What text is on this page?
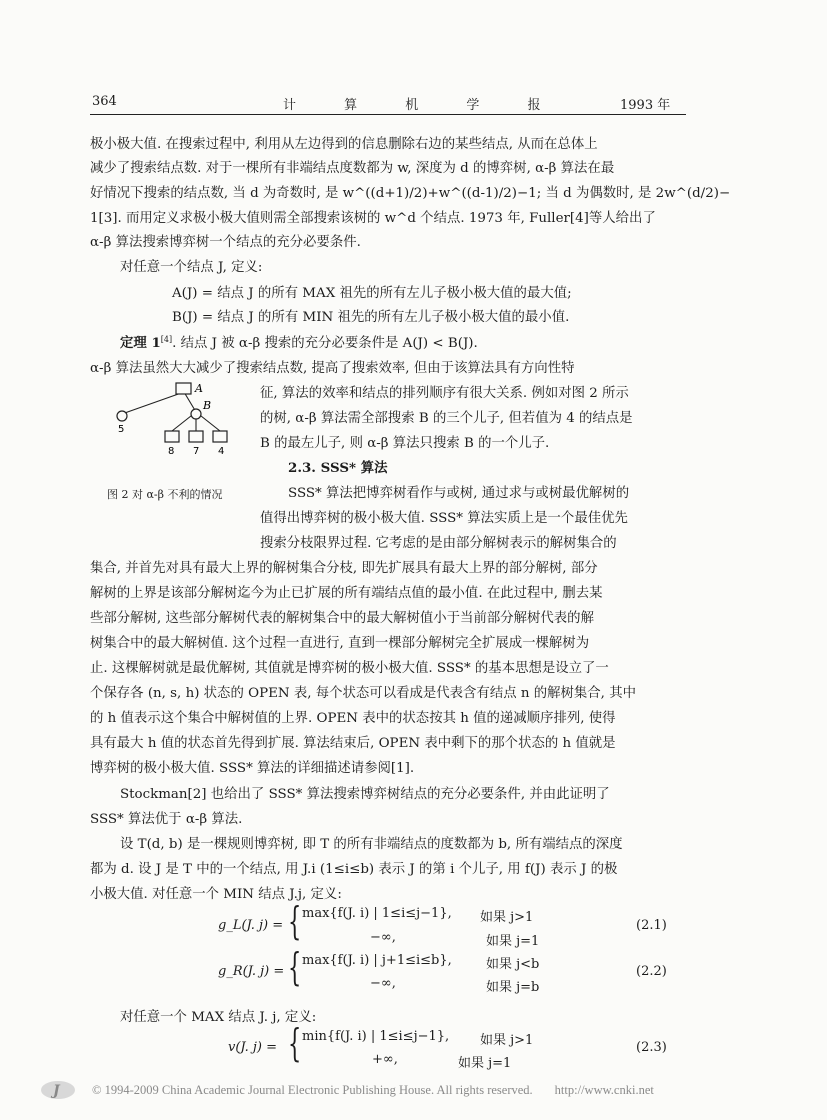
364	计 算 机 学 报	1993 年
极小极大值. 在搜索过程中, 利用从左边得到的信息删除右边的某些结点, 从而在总体上
减少了搜索结点数. 对于一棵所有非端结点度数都为 w, 深度为 d 的博弈树, α-β 算法在最
好情况下搜索的结点数, 当 d 为奇数时, 是 w^((d+1)/2)+w^((d-1)/2)−1; 当 d 为偶数时, 是 2w^(d/2)−
1[3]. 而用定义求极小极大值则需全部搜索该树的 w^d 个结点. 1973 年, Fuller[4]等人给出了
α-β 算法搜索博弈树一个结点的充分必要条件.
对任意一个结点 J, 定义:
A(J) = 结点 J 的所有 MAX 祖先的所有左儿子极小极大值的最大值;
B(J) = 结点 J 的所有 MIN 祖先的所有左儿子极小极大值的最小值.
定理 1[4]. 结点 J 被 α-β 搜索的充分必要条件是 A(J) < B(J).
α-β 算法虽然大大减少了搜索结点数, 提高了搜索效率, 但由于该算法具有方向性特
征, 算法的效率和结点的排列顺序有很大关系. 例如对图 2 所示
的树, α-β 算法需全部搜索 B 的三个儿子, 但若值为 4 的结点是
B 的最左儿子, 则 α-β 算法只搜索 B 的一个儿子.
A
B
5
8 7 4
图 2 对 α-β 不利的情况
2.3. SSS* 算法
SSS* 算法把博弈树看作与或树, 通过求与或树最优解树的
值得出博弈树的极小极大值. SSS* 算法实质上是一个最佳优先
搜索分枝限界过程. 它考虑的是由部分解树表示的解树集合的
集合, 并首先对具有最大上界的解树集合分枝, 即先扩展具有最大上界的部分解树, 部分
解树的上界是该部分解树迄今为止已扩展的所有端结点值的最小值. 在此过程中, 删去某
些部分解树, 这些部分解树代表的解树集合中的最大解树值小于当前部分解树代表的解
树集合中的最大解树值. 这个过程一直进行, 直到一棵部分解树完全扩展成一棵解树为
止. 这棵解树就是最优解树, 其值就是博弈树的极小极大值. SSS* 的基本思想是设立了一
个保存各 (n, s, h) 状态的 OPEN 表, 每个状态可以看成是代表含有结点 n 的解树集合, 其中
的 h 值表示这个集合中解树值的上界. OPEN 表中的状态按其 h 值的递减顺序排列, 使得
具有最大 h 值的状态首先得到扩展. 算法结束后, OPEN 表中剩下的那个状态的 h 值就是
博弈树的极小极大值. SSS* 算法的详细描述请参阅[1].
Stockman[2] 也给出了 SSS* 算法搜索博弈树结点的充分必要条件, 并由此证明了
SSS* 算法优于 α-β 算法.
设 T(d, b) 是一棵规则博弈树, 即 T 的所有非端结点的度数都为 b, 所有端结点的深度
都为 d. 设 J 是 T 中的一个结点, 用 J.i (1≤i≤b) 表示 J 的第 i 个儿子, 用 f(J) 表示 J 的极
小极大值. 对任意一个 MIN 结点 J.j, 定义:
g_L(J. j) = { max{f(J. i) | 1≤i≤j−1}, 如果 j>1
−∞,	如果 j=1
(2.1)
g_R(J. j) = { max{f(J. i) | j+1≤i≤b},	如果 j<b
−∞,	如果 j=b
(2.2)
对任意一个 MAX 结点 J. j, 定义:
v(J. j) = { min{f(J. i) | 1≤i≤j−1}, 如果 j>1
+∞,	如果 j=1
(2.3)
J	© 1994-2009 China Academic Journal Electronic Publishing House. All rights reserved. http://www.cnki.net
